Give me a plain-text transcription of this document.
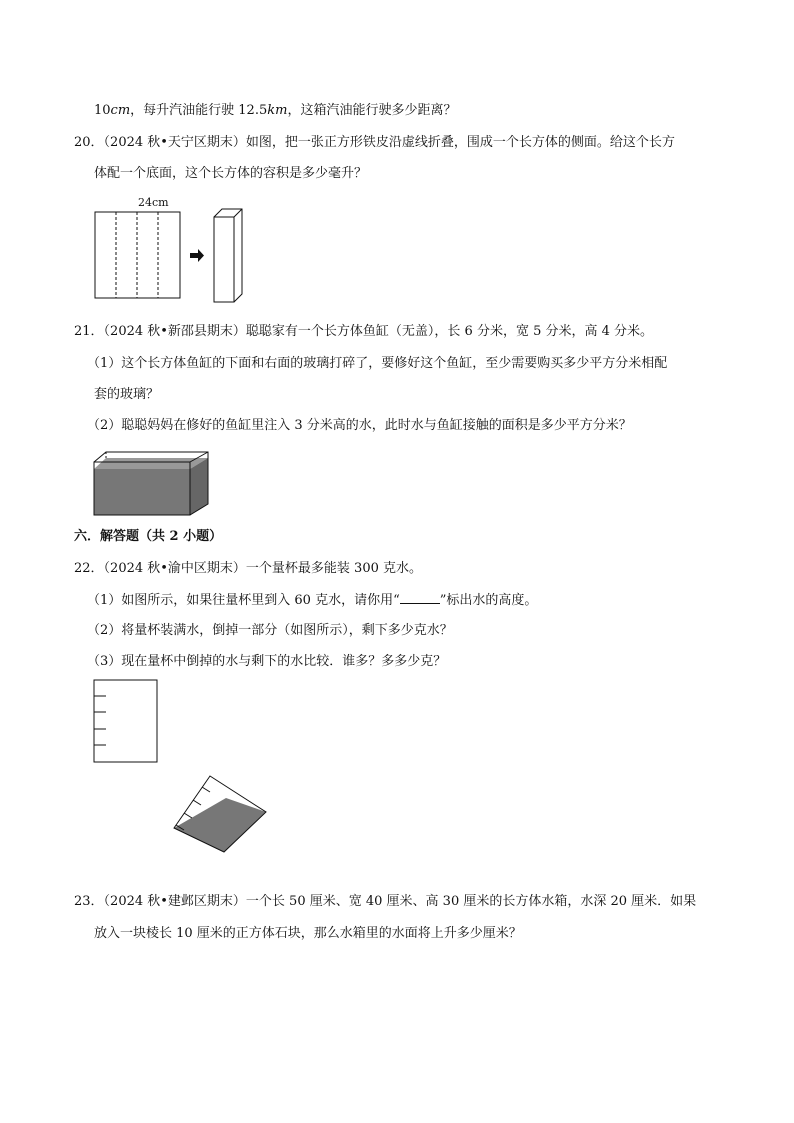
10cm，每升汽油能行驶 12.5km，这箱汽油能行驶多少距离？
20．（2024 秋•天宁区期末）如图，把一张正方形铁皮沿虚线折叠，围成一个长方体的侧面。给这个长方
体配一个底面，这个长方体的容积是多少毫升？
24cm
21．（2024 秋•新邵县期末）聪聪家有一个长方体鱼缸（无盖），长 6 分米，宽 5 分米，高 4 分米。
（1）这个长方体鱼缸的下面和右面的玻璃打碎了，要修好这个鱼缸，至少需要购买多少平方分米相配
套的玻璃？
（2）聪聪妈妈在修好的鱼缸里注入 3 分米高的水，此时水与鱼缸接触的面积是多少平方分米？
六．解答题（共 2 小题）
22．（2024 秋•渝中区期末）一个量杯最多能装 300 克水。
（1）如图所示，如果往量杯里到入 60 克水，请你用“	”标出水的高度。
（2）将量杯装满水，倒掉一部分（如图所示），剩下多少克水？
（3）现在量杯中倒掉的水与剩下的水比较．谁多？多多少克？
23．（2024 秋•建邺区期末）一个长 50 厘米、宽 40 厘米、高 30 厘米的长方体水箱，水深 20 厘米．如果
放入一块棱长 10 厘米的正方体石块，那么水箱里的水面将上升多少厘米？
